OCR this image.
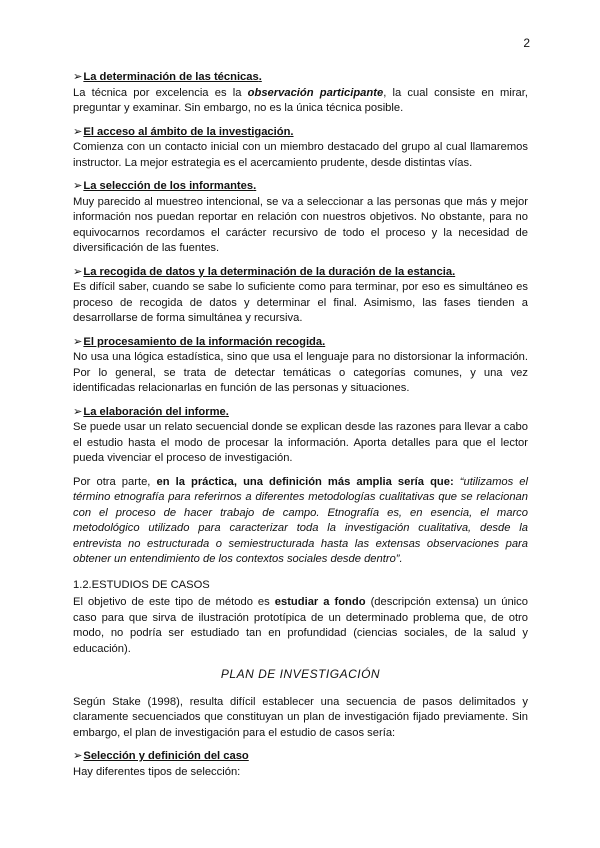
2

➢La determinación de las técnicas.

La técnica por excelencia es la observación participante, la cual consiste en mirar, preguntar y examinar. Sin embargo, no es la única técnica posible.

➢El acceso al ámbito de la investigación.

Comienza con un contacto inicial con un miembro destacado del grupo al cual llamaremos instructor. La mejor estrategia es el acercamiento prudente, desde distintas vías.

➢La selección de los informantes.

Muy parecido al muestreo intencional, se va a seleccionar a las personas que más y mejor información nos puedan reportar en relación con nuestros objetivos. No obstante, para no equivocarnos recordamos el carácter recursivo de todo el proceso y la necesidad de diversificación de las fuentes.

➢La recogida de datos y la determinación de la duración de la estancia.

Es difícil saber, cuando se sabe lo suficiente como para terminar, por eso es simultáneo es proceso de recogida de datos y determinar el final. Asimismo, las fases tienden a desarrollarse de forma simultánea y recursiva.

➢El procesamiento de la información recogida.

No usa una lógica estadística, sino que usa el lenguaje para no distorsionar la información. Por lo general, se trata de detectar temáticas o categorías comunes, y una vez identificadas relacionarlas en función de las personas y situaciones.

➢La elaboración del informe.

Se puede usar un relato secuencial donde se explican desde las razones para llevar a cabo el estudio hasta el modo de procesar la información. Aporta detalles para que el lector pueda vivenciar el proceso de investigación.

Por otra parte, en la práctica, una definición más amplia sería que: “utilizamos el término etnografía para referirnos a diferentes metodologías cualitativas que se relacionan con el proceso de hacer trabajo de campo. Etnografía es, en esencia, el marco metodológico utilizado para caracterizar toda la investigación cualitativa, desde la entrevista no estructurada o semiestructurada hasta las extensas observaciones para obtener un entendimiento de los contextos sociales desde dentro”.

1.2.ESTUDIOS DE CASOS

El objetivo de este tipo de método es estudiar a fondo (descripción extensa) un único caso para que sirva de ilustración prototípica de un determinado problema que, de otro modo, no podría ser estudiado tan en profundidad (ciencias sociales, de la salud y educación).

PLAN DE INVESTIGACIÓN

Según Stake (1998), resulta difícil establecer una secuencia de pasos delimitados y claramente secuenciados que constituyan un plan de investigación fijado previamente. Sin embargo, el plan de investigación para el estudio de casos sería:

➢Selección y definición del caso

Hay diferentes tipos de selección:
